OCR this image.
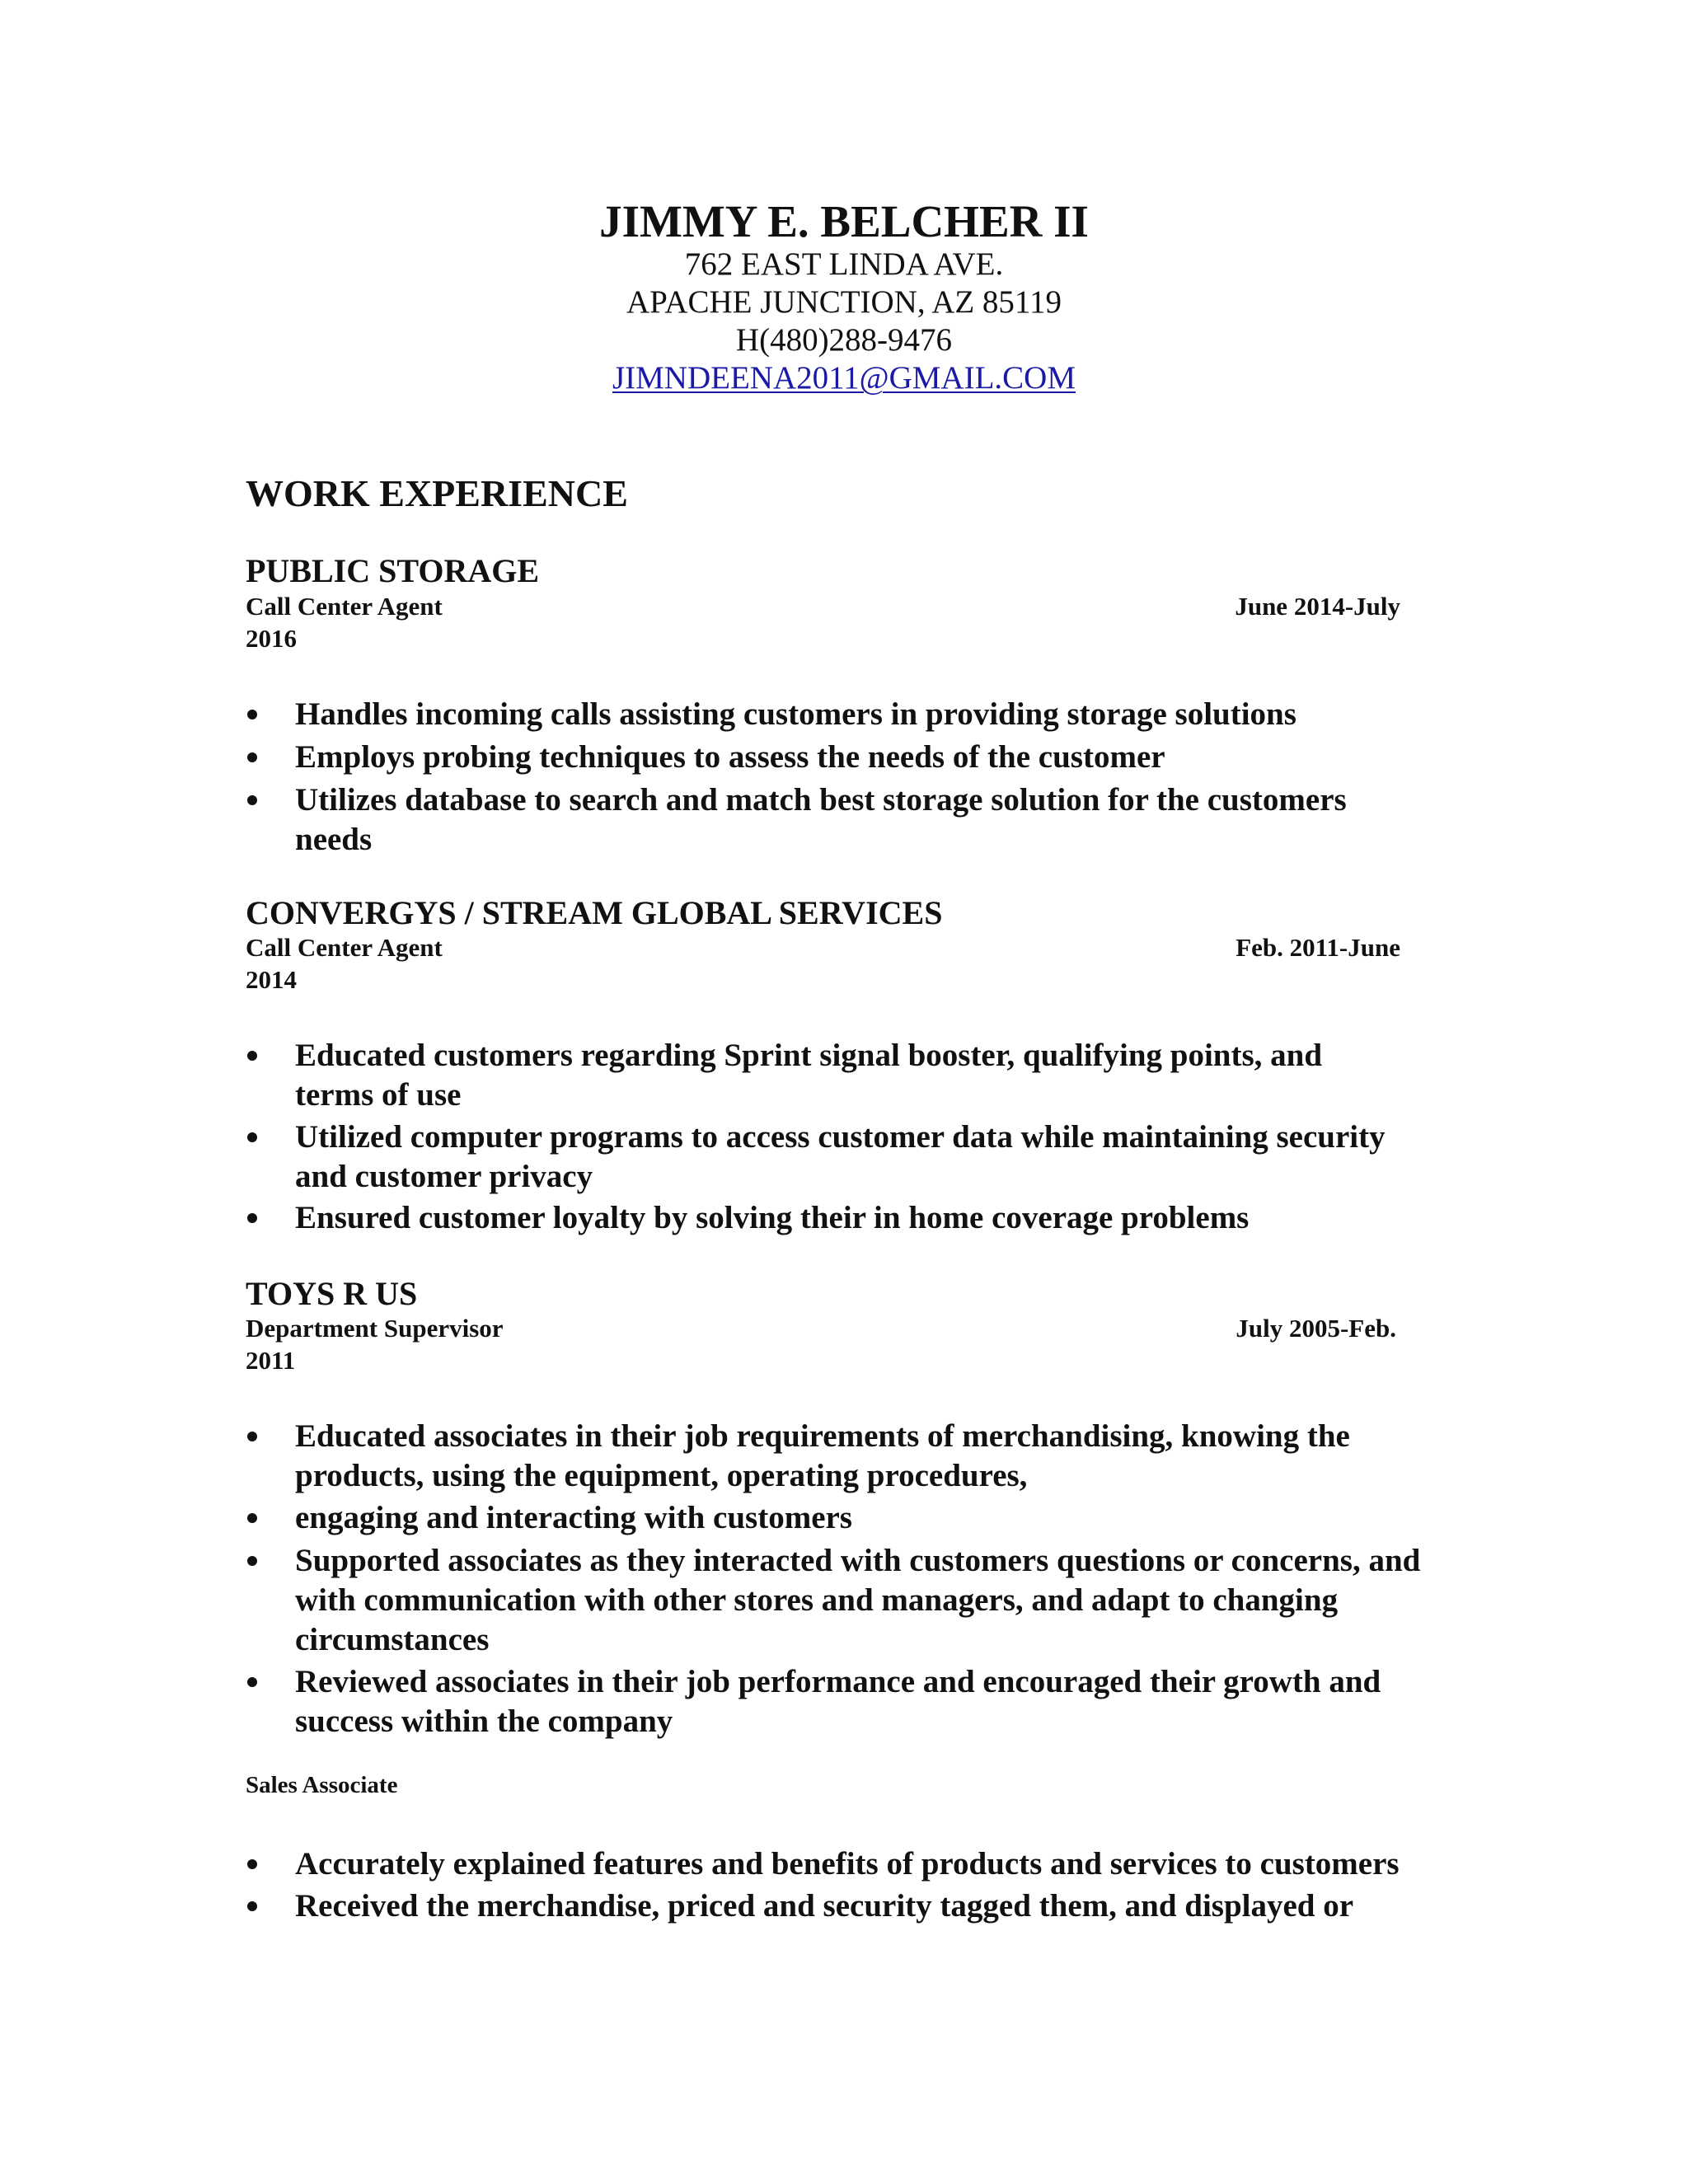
JIMMY E. BELCHER II
762 EAST LINDA AVE.
APACHE JUNCTION, AZ 85119
H(480)288-9476
JIMNDEENA2011@GMAIL.COM
WORK EXPERIENCE
PUBLIC STORAGE
Call Center Agent	June 2014-July
2016
Handles incoming calls assisting customers in providing storage solutions
Employs probing techniques to assess the needs of the customer
Utilizes database to search and match best storage solution for the customers needs
CONVERGYS / STREAM GLOBAL SERVICES
Call Center Agent	Feb. 2011-June
2014
Educated customers regarding Sprint signal booster, qualifying points, and terms of use
Utilized computer programs to access customer data while maintaining security and customer privacy
Ensured customer loyalty by solving their in home coverage problems
TOYS R US
Department Supervisor	July 2005-Feb.
2011
Educated associates in their job requirements of merchandising, knowing the products, using the equipment, operating procedures,
engaging and interacting with customers
Supported associates as they interacted with customers questions or concerns, and with communication with other stores and managers, and adapt to changing circumstances
Reviewed associates in their job performance and encouraged their growth and success within the company
Sales Associate
Accurately explained features and benefits of products and services to customers
Received the merchandise, priced and security tagged them, and displayed or
